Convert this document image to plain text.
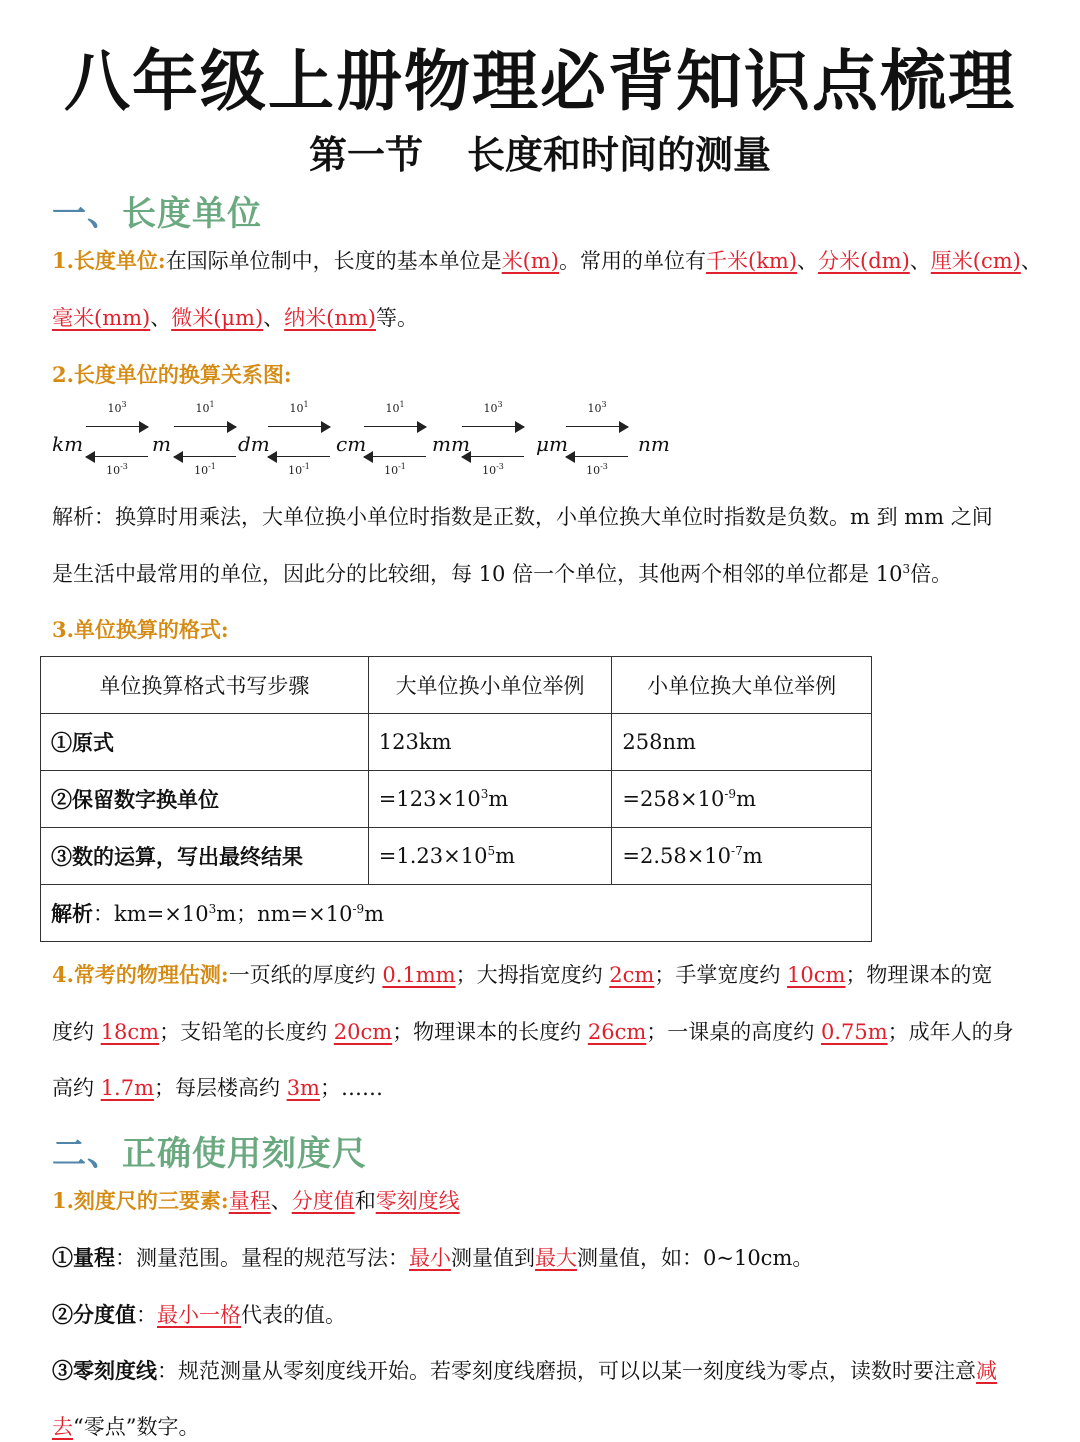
八年级上册物理必背知识点梳理
第一节 长度和时间的测量
一、长度单位
1.长度单位:在国际单位制中，长度的基本单位是米(m)。常用的单位有千米(km)、分米(dm)、厘米(cm)、
毫米(mm)、微米(μm)、纳米(nm)等。
2.长度单位的换算关系图:
km	m	dm	cm	mm	μm	nm
$10^3$
$10^{-3}$
$10^1$
$10^{-1}$
$10^1$
$10^{-1}$
$10^1$
$10^{-1}$
$10^3$
$10^{-3}$
$10^3$
$10^{-3}$
解析：换算时用乘法，大单位换小单位时指数是正数，小单位换大单位时指数是负数。m 到 mm 之间
是生活中最常用的单位，因此分的比较细，每 10 倍一个单位，其他两个相邻的单位都是 $10^3$倍。
3.单位换算的格式:
单位换算格式书写步骤	大单位换小单位举例	小单位换大单位举例
①原式	123km	258nm
②保留数字换单位	$=123\times 10^3m$	$=258\times 10^{-9}m$
③数的运算，写出最终结果	$=1.23\times 10^5m$	$=2.58\times 10^{-7}m$
解析：$km=\times 10^3m$；$nm=\times 10^{-9}m$		
4.常考的物理估测:一页纸的厚度约 0.1mm；大拇指宽度约 2cm；手掌宽度约 10cm；物理课本的宽
度约 18cm；支铅笔的长度约 20cm；物理课本的长度约 26cm；一课桌的高度约 0.75m；成年人的身
高约 1.7m；每层楼高约 3m；……
二、正确使用刻度尺
1.刻度尺的三要素:量程、分度值和零刻度线
①量程：测量范围。量程的规范写法：最小测量值到最大测量值，如：0~10cm。
②分度值：最小一格代表的值。
③零刻度线：规范测量从零刻度线开始。若零刻度线磨损，可以以某一刻度线为零点，读数时要注意减
去“零点”数字。
